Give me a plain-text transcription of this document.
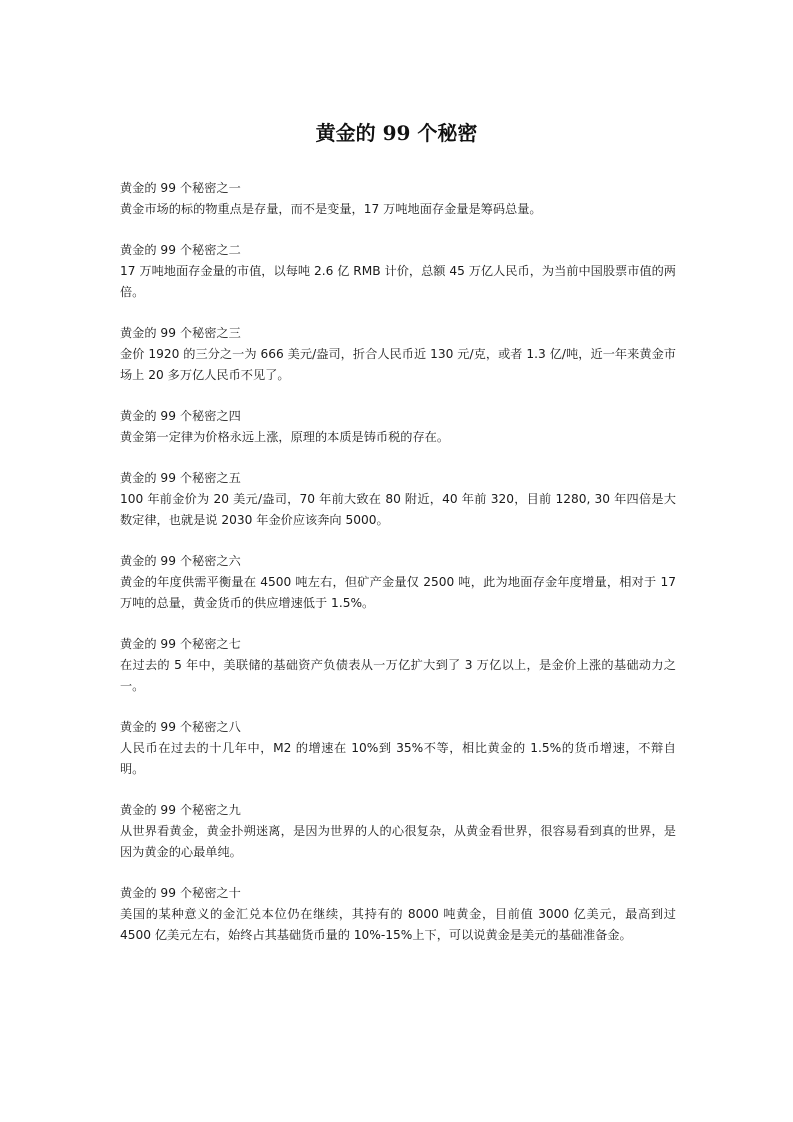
黄金的 99 个秘密

黄金的 99 个秘密之一

黄金市场的标的物重点是存量，而不是变量，17 万吨地面存金量是筹码总量。

黄金的 99 个秘密之二

17 万吨地面存金量的市值，以每吨 2.6 亿 RMB 计价，总额 45 万亿人民币，为当前中国股票市值的两倍。

黄金的 99 个秘密之三

金价 1920 的三分之一为 666 美元/盎司，折合人民币近 130 元/克，或者 1.3 亿/吨，近一年来黄金市场上 20 多万亿人民币不见了。

黄金的 99 个秘密之四

黄金第一定律为价格永远上涨，原理的本质是铸币税的存在。

黄金的 99 个秘密之五

100 年前金价为 20 美元/盎司，70 年前大致在 80 附近，40 年前 320，目前 1280, 30 年四倍是大数定律，也就是说 2030 年金价应该奔向 5000。

黄金的 99 个秘密之六

黄金的年度供需平衡量在 4500 吨左右，但矿产金量仅 2500 吨，此为地面存金年度增量，相对于 17 万吨的总量，黄金货币的供应增速低于 1.5%。

黄金的 99 个秘密之七

在过去的 5 年中，美联储的基础资产负债表从一万亿扩大到了 3 万亿以上，是金价上涨的基础动力之一。

黄金的 99 个秘密之八

人民币在过去的十几年中，M2 的增速在 10%到 35%不等，相比黄金的 1.5%的货币增速，不辩自明。

黄金的 99 个秘密之九

从世界看黄金，黄金扑朔迷离，是因为世界的人的心很复杂，从黄金看世界，很容易看到真的世界，是因为黄金的心最单纯。

黄金的 99 个秘密之十

美国的某种意义的金汇兑本位仍在继续，其持有的 8000 吨黄金，目前值 3000 亿美元，最高到过 4500 亿美元左右，始终占其基础货币量的 10%-15%上下，可以说黄金是美元的基础准备金。
